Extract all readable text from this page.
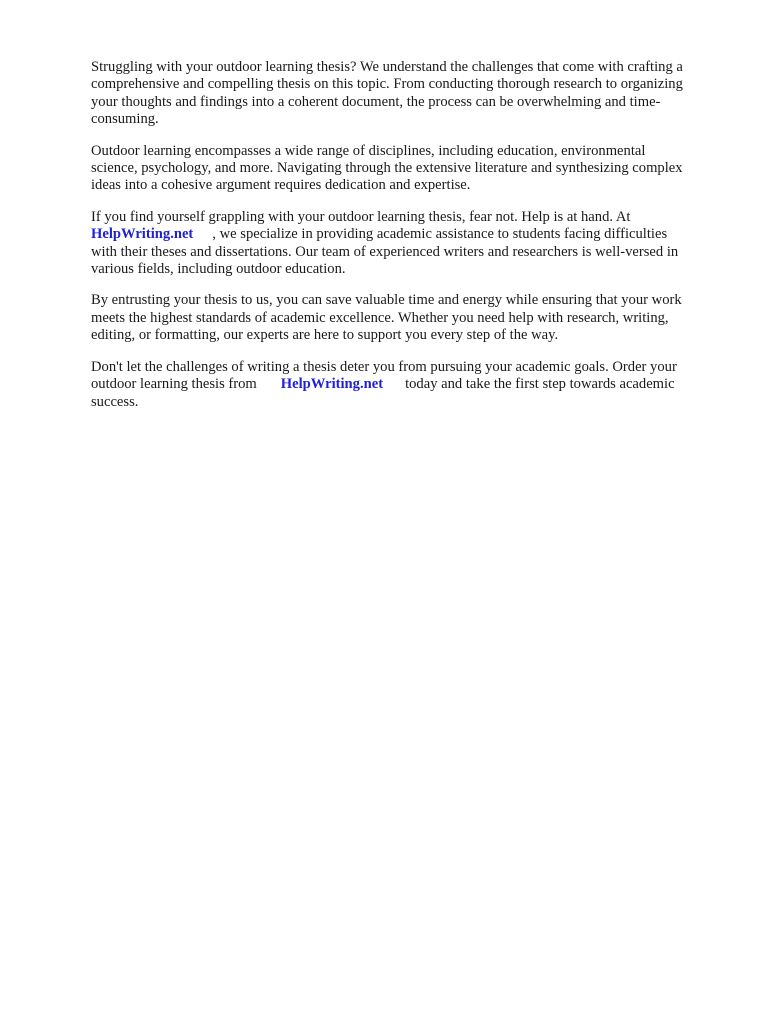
Struggling with your outdoor learning thesis? We understand the challenges that come with crafting a
comprehensive and compelling thesis on this topic. From conducting thorough research to organizing
your thoughts and findings into a coherent document, the process can be overwhelming and time-
consuming.
Outdoor learning encompasses a wide range of disciplines, including education, environmental
science, psychology, and more. Navigating through the extensive literature and synthesizing complex
ideas into a cohesive argument requires dedication and expertise.
If you find yourself grappling with your outdoor learning thesis, fear not. Help is at hand. At
HelpWriting.net , we specialize in providing academic assistance to students facing difficulties
with their theses and dissertations. Our team of experienced writers and researchers is well-versed in
various fields, including outdoor education.
By entrusting your thesis to us, you can save valuable time and energy while ensuring that your work
meets the highest standards of academic excellence. Whether you need help with research, writing,
editing, or formatting, our experts are here to support you every step of the way.
Don't let the challenges of writing a thesis deter you from pursuing your academic goals. Order your
outdoor learning thesis from HelpWriting.net today and take the first step towards academic
success.
